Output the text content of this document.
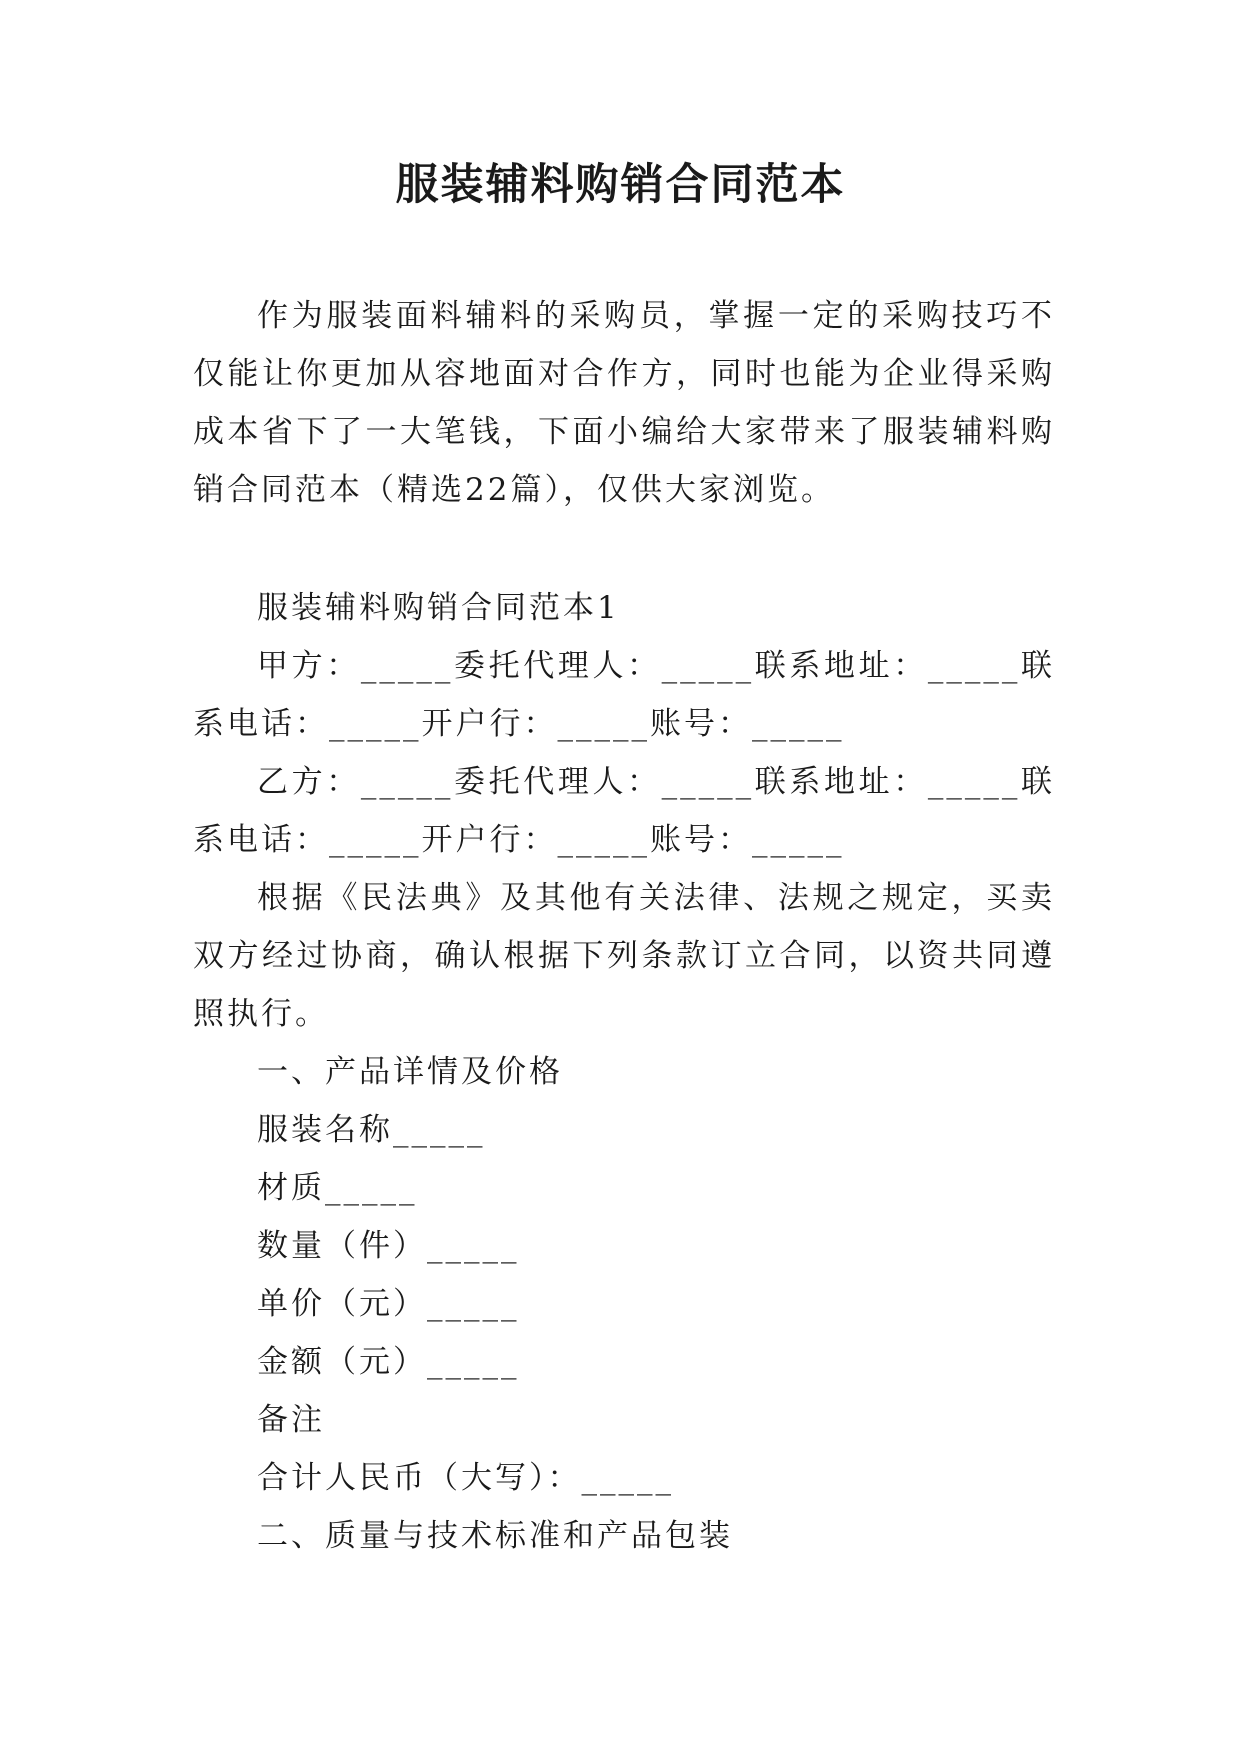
服装辅料购销合同范本

作为服装面料辅料的采购员，掌握一定的采购技巧不仅能让你更加从容地面对合作方，同时也能为企业得采购成本省下了一大笔钱，下面小编给大家带来了服装辅料购销合同范本（精选22篇），仅供大家浏览。

服装辅料购销合同范本1

甲方：_____委托代理人：_____联系地址：_____联系电话：_____开户行：_____账号：_____

乙方：_____委托代理人：_____联系地址：_____联系电话：_____开户行：_____账号：_____

根据《民法典》及其他有关法律、法规之规定，买卖双方经过协商，确认根据下列条款订立合同，以资共同遵照执行。

一、产品详情及价格

服装名称_____

材质_____

数量（件）_____

单价（元）_____

金额（元）_____

备注

合计人民币（大写）：_____

二、质量与技术标准和产品包装
